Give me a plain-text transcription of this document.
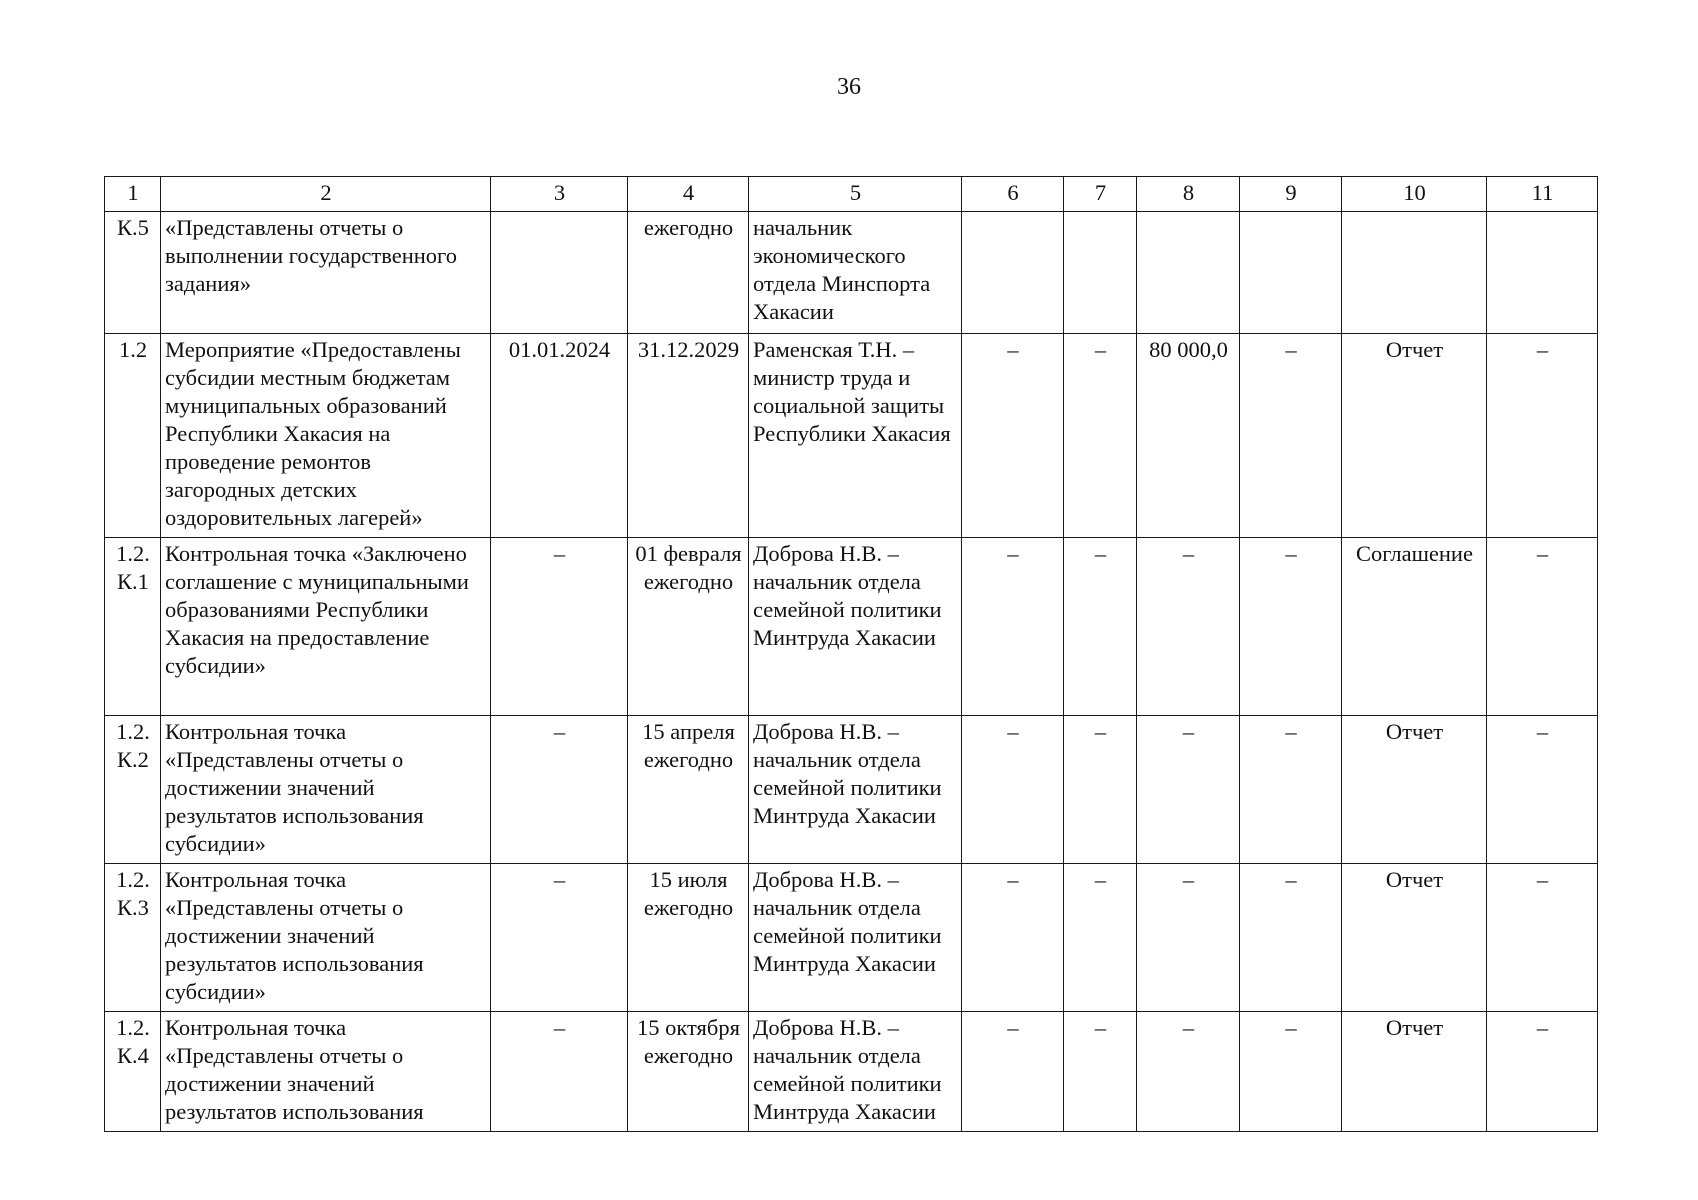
36
1	2	3	4	5	6	7	8	9	10	11
К.5	«Представлены отчеты о выполнении государственного задания»		ежегодно	начальник экономического отдела Минспорта Хакасии						
1.2	Мероприятие «Предоставлены субсидии местным бюджетам муниципальных образований Республики Хакасия на проведение ремонтов загородных детских оздоровительных лагерей»	01.01.2024	31.12.2029	Раменская Т.Н. – министр труда и социальной защиты Республики Хакасия	–	–	80 000,0	–	Отчет	–
1.2. К.1	Контрольная точка «Заключено соглашение с муниципальными образованиями Республики Хакасия на предоставление субсидии»	–	01 февраля ежегодно	Доброва Н.В. – начальник отдела семейной политики Минтруда Хакасии	–	–	–	–	Соглашение	–
1.2. К.2	Контрольная точка «Представлены отчеты о достижении значений результатов использования субсидии»	–	15 апреля ежегодно	Доброва Н.В. – начальник отдела семейной политики Минтруда Хакасии	–	–	–	–	Отчет	–
1.2. К.3	Контрольная точка «Представлены отчеты о достижении значений результатов использования субсидии»	–	15 июля ежегодно	Доброва Н.В. – начальник отдела семейной политики Минтруда Хакасии	–	–	–	–	Отчет	–
1.2. К.4	Контрольная точка «Представлены отчеты о достижении значений результатов использования	–	15 октября ежегодно	Доброва Н.В. – начальник отдела семейной политики Минтруда Хакасии	–	–	–	–	Отчет	–
